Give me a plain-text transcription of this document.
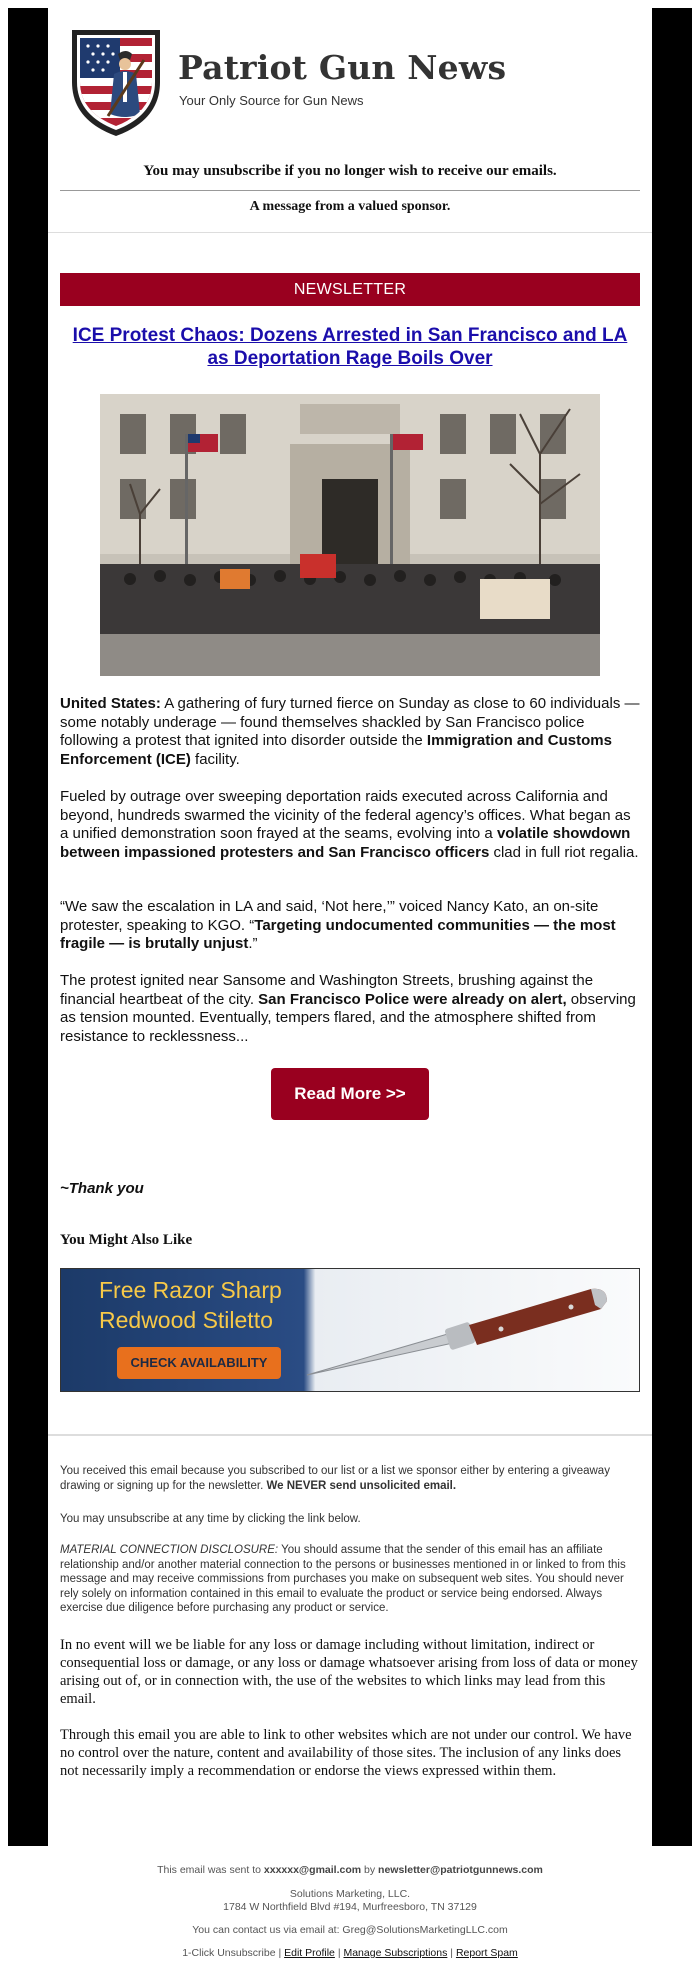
Patriot Gun News
Your Only Source for Gun News
You may unsubscribe if you no longer wish to receive our emails.
A message from a valued sponsor.
NEWSLETTER
ICE Protest Chaos: Dozens Arrested in San Francisco and LA as Deportation Rage Boils Over
United States: A gathering of fury turned fierce on Sunday as close to 60 individuals — some notably underage — found themselves shackled by San Francisco police following a protest that ignited into disorder outside the Immigration and Customs Enforcement (ICE) facility.
Fueled by outrage over sweeping deportation raids executed across California and beyond, hundreds swarmed the vicinity of the federal agency’s offices. What began as a unified demonstration soon frayed at the seams, evolving into a volatile showdown between impassioned protesters and San Francisco officers clad in full riot regalia.
“We saw the escalation in LA and said, ‘Not here,’” voiced Nancy Kato, an on-site protester, speaking to KGO. “Targeting undocumented communities — the most fragile — is brutally unjust.”
The protest ignited near Sansome and Washington Streets, brushing against the financial heartbeat of the city. San Francisco Police were already on alert, observing as tension mounted. Eventually, tempers flared, and the atmosphere shifted from resistance to recklessness...
Read More >>
~Thank you
You Might Also Like
Free Razor Sharp
Redwood Stiletto
CHECK AVAILABILITY
You received this email because you subscribed to our list or a list we sponsor either by entering a giveaway drawing or signing up for the newsletter. We NEVER send unsolicited email.
You may unsubscribe at any time by clicking the link below.
MATERIAL CONNECTION DISCLOSURE: You should assume that the sender of this email has an affiliate relationship and/or another material connection to the persons or businesses mentioned in or linked to from this message and may receive commissions from purchases you make on subsequent web sites. You should never rely solely on information contained in this email to evaluate the product or service being endorsed. Always exercise due diligence before purchasing any product or service.
In no event will we be liable for any loss or damage including without limitation, indirect or consequential loss or damage, or any loss or damage whatsoever arising from loss of data or money arising out of, or in connection with, the use of the websites to which links may lead from this email.
Through this email you are able to link to other websites which are not under our control. We have no control over the nature, content and availability of those sites. The inclusion of any links does not necessarily imply a recommendation or endorse the views expressed within them.
This email was sent to xxxxxx@gmail.com by newsletter@patriotgunnews.com
Solutions Marketing, LLC.
1784 W Northfield Blvd #194, Murfreesboro, TN 37129
You can contact us via email at: Greg@SolutionsMarketingLLC.com
1-Click Unsubscribe | Edit Profile | Manage Subscriptions | Report Spam
